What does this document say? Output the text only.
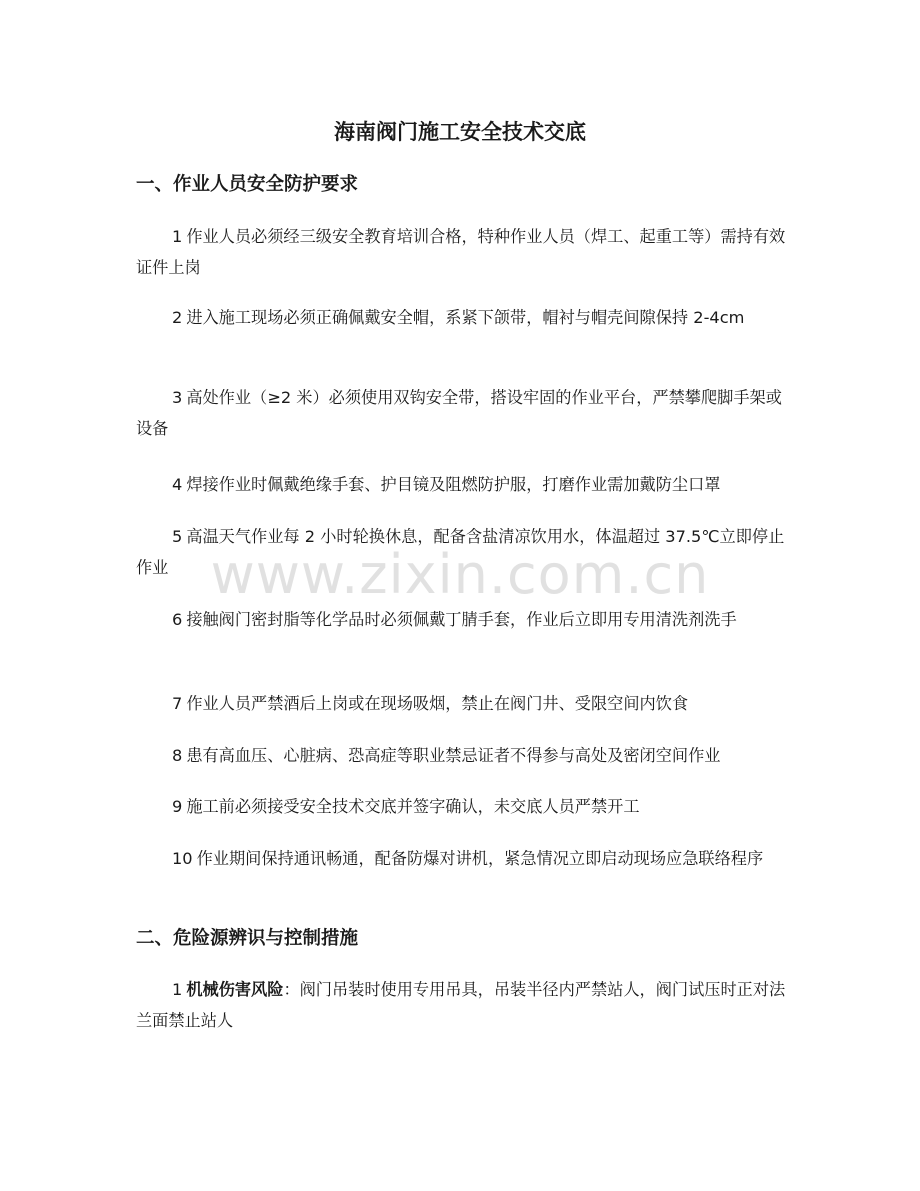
海南阀门施工安全技术交底
一、作业人员安全防护要求

1 作业人员必须经三级安全教育培训合格，特种作业人员（焊工、起重工等）需持有效证件上岗

2 进入施工现场必须正确佩戴安全帽，系紧下颌带，帽衬与帽壳间隙保持 2-4cm

3 高处作业（≥2 米）必须使用双钩安全带，搭设牢固的作业平台，严禁攀爬脚手架或设备

4 焊接作业时佩戴绝缘手套、护目镜及阻燃防护服，打磨作业需加戴防尘口罩

5 高温天气作业每 2 小时轮换休息，配备含盐清凉饮用水，体温超过 37.5℃立即停止作业

6 接触阀门密封脂等化学品时必须佩戴丁腈手套，作业后立即用专用清洗剂洗手

7 作业人员严禁酒后上岗或在现场吸烟，禁止在阀门井、受限空间内饮食

8 患有高血压、心脏病、恐高症等职业禁忌证者不得参与高处及密闭空间作业

9 施工前必须接受安全技术交底并签字确认，未交底人员严禁开工

10 作业期间保持通讯畅通，配备防爆对讲机，紧急情况立即启动现场应急联络程序

二、危险源辨识与控制措施

1 机械伤害风险：阀门吊装时使用专用吊具，吊装半径内严禁站人，阀门试压时正对法兰面禁止站人

www.zixin.com.cn
